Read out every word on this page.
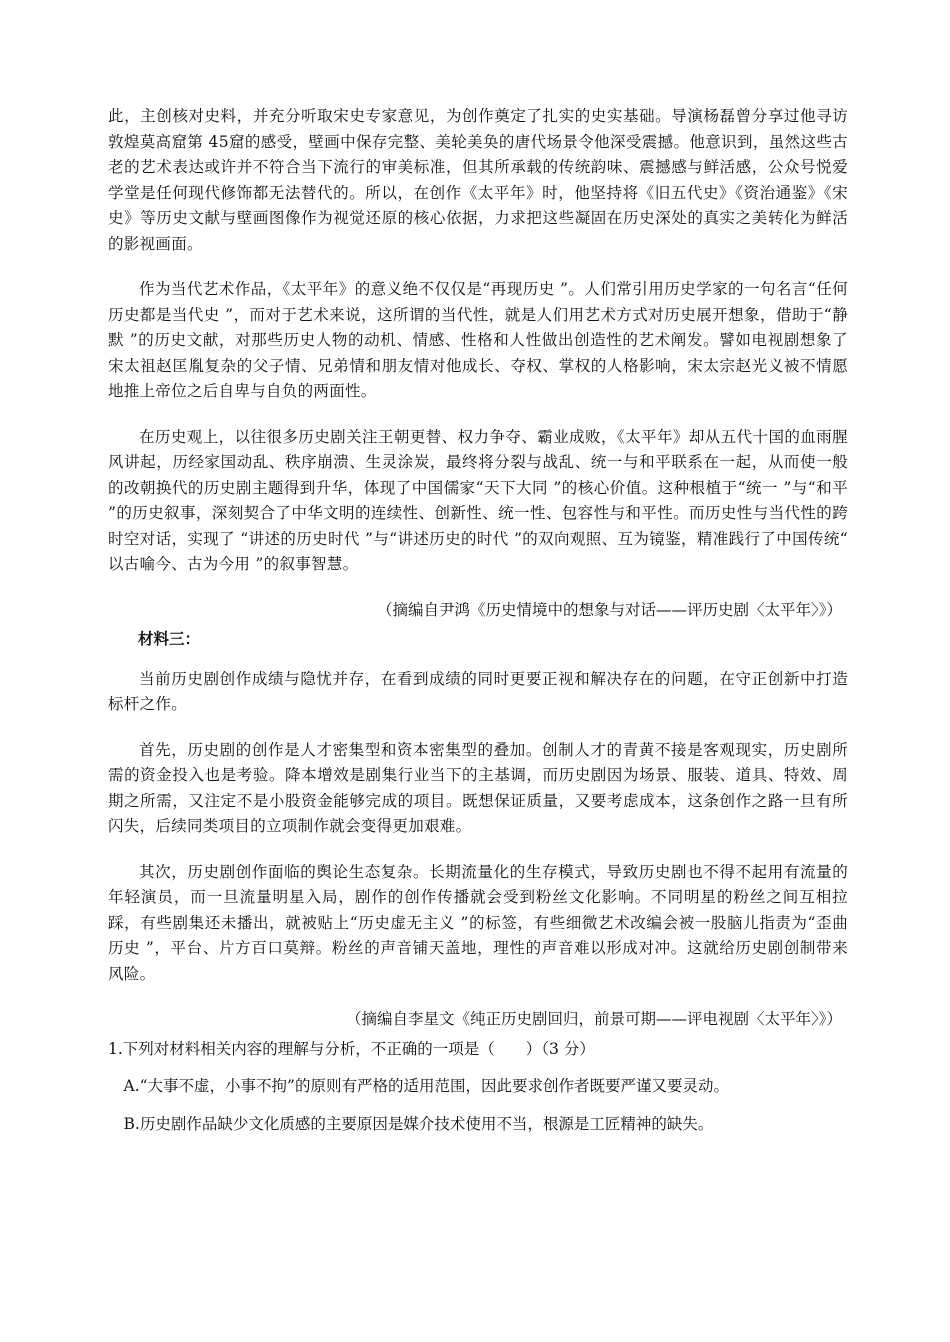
此，主创核对史料，并充分听取宋史专家意见，为创作奠定了扎实的史实基础。导演杨磊曾分享过他寻访敦煌莫高窟第 45窟的感受，壁画中保存完整、美轮美奂的唐代场景令他深受震撼。他意识到，虽然这些古老的艺术表达或许并不符合当下流行的审美标准，但其所承载的传统韵味、震撼感与鲜活感，公众号悦爱学堂是任何现代修饰都无法替代的。所以，在创作《太平年》时，他坚持将《旧五代史》《资治通鉴》《宋史》等历史文献与壁画图像作为视觉还原的核心依据，力求把这些凝固在历史深处的真实之美转化为鲜活的影视画面。

作为当代艺术作品，《太平年》的意义绝不仅仅是“再现历史 ”。人们常引用历史学家的一句名言“任何历史都是当代史 ”，而对于艺术来说，这所谓的当代性，就是人们用艺术方式对历史展开想象，借助于“静默 ”的历史文献，对那些历史人物的动机、情感、性格和人性做出创造性的艺术阐发。譬如电视剧想象了宋太祖赵匡胤复杂的父子情、兄弟情和朋友情对他成长、夺权、掌权的人格影响，宋太宗赵光义被不情愿地推上帝位之后自卑与自负的两面性。

在历史观上，以往很多历史剧关注王朝更替、权力争夺、霸业成败，《太平年》却从五代十国的血雨腥风讲起，历经家国动乱、秩序崩溃、生灵涂炭，最终将分裂与战乱、统一与和平联系在一起，从而使一般的改朝换代的历史剧主题得到升华，体现了中国儒家“天下大同 ”的核心价值。这种根植于“统一 ”与“和平 ”的历史叙事，深刻契合了中华文明的连续性、创新性、统一性、包容性与和平性。而历史性与当代性的跨时空对话，实现了 “讲述的历史时代 ”与“讲述历史的时代 ”的双向观照、互为镜鉴，精准践行了中国传统“ 以古喻今、古为今用 ”的叙事智慧。

（摘编自尹鸿《历史情境中的想象与对话——评历史剧〈太平年〉》）

材料三：

当前历史剧创作成绩与隐忧并存，在看到成绩的同时更要正视和解决存在的问题，在守正创新中打造标杆之作。

首先，历史剧的创作是人才密集型和资本密集型的叠加。创制人才的青黄不接是客观现实，历史剧所需的资金投入也是考验。降本增效是剧集行业当下的主基调，而历史剧因为场景、服装、道具、特效、周期之所需，又注定不是小股资金能够完成的项目。既想保证质量，又要考虑成本，这条创作之路一旦有所闪失，后续同类项目的立项制作就会变得更加艰难。

其次，历史剧创作面临的舆论生态复杂。长期流量化的生存模式，导致历史剧也不得不起用有流量的年轻演员，而一旦流量明星入局，剧作的创作传播就会受到粉丝文化影响。不同明星的粉丝之间互相拉踩，有些剧集还未播出，就被贴上“历史虚无主义 ”的标签，有些细微艺术改编会被一股脑儿指责为“歪曲历史 ”，平台、片方百口莫辩。粉丝的声音铺天盖地，理性的声音难以形成对冲。这就给历史剧创制带来风险。

（摘编自李星文《纯正历史剧回归，前景可期——评电视剧〈太平年〉》）

1.下列对材料相关内容的理解与分析，不正确的一项是（　　）（3 分）

A.“大事不虚，小事不拘”的原则有严格的适用范围，因此要求创作者既要严谨又要灵动。

B.历史剧作品缺少文化质感的主要原因是媒介技术使用不当，根源是工匠精神的缺失。
